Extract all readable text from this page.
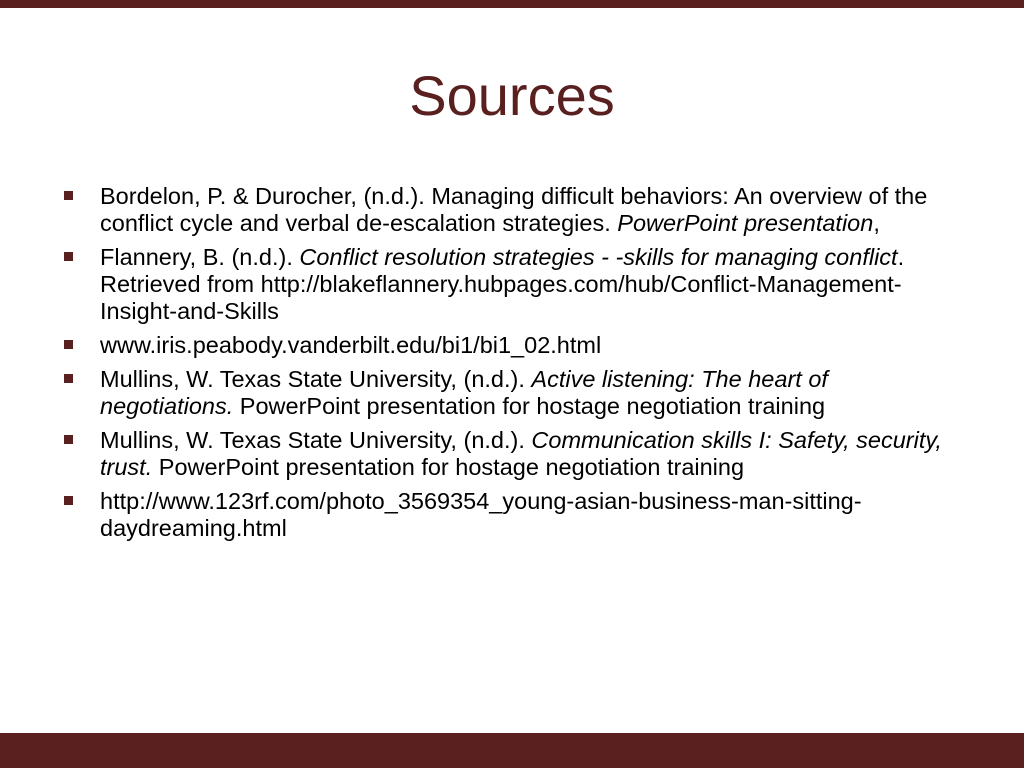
Sources
Bordelon, P. & Durocher, (n.d.). Managing difficult behaviors: An overview of the conflict cycle and verbal de-escalation strategies. PowerPoint presentation,
Flannery, B. (n.d.). Conflict resolution strategies - -skills for managing conflict. Retrieved from http://blakeflannery.hubpages.com/hub/Conflict-Management-Insight-and-Skills
www.iris.peabody.vanderbilt.edu/bi1/bi1_02.html
Mullins, W. Texas State University, (n.d.). Active listening: The heart of negotiations. PowerPoint presentation for hostage negotiation training
Mullins, W. Texas State University, (n.d.). Communication skills I: Safety, security, trust. PowerPoint presentation for hostage negotiation training
http://www.123rf.com/photo_3569354_young-asian-business-man-sitting-daydreaming.html
